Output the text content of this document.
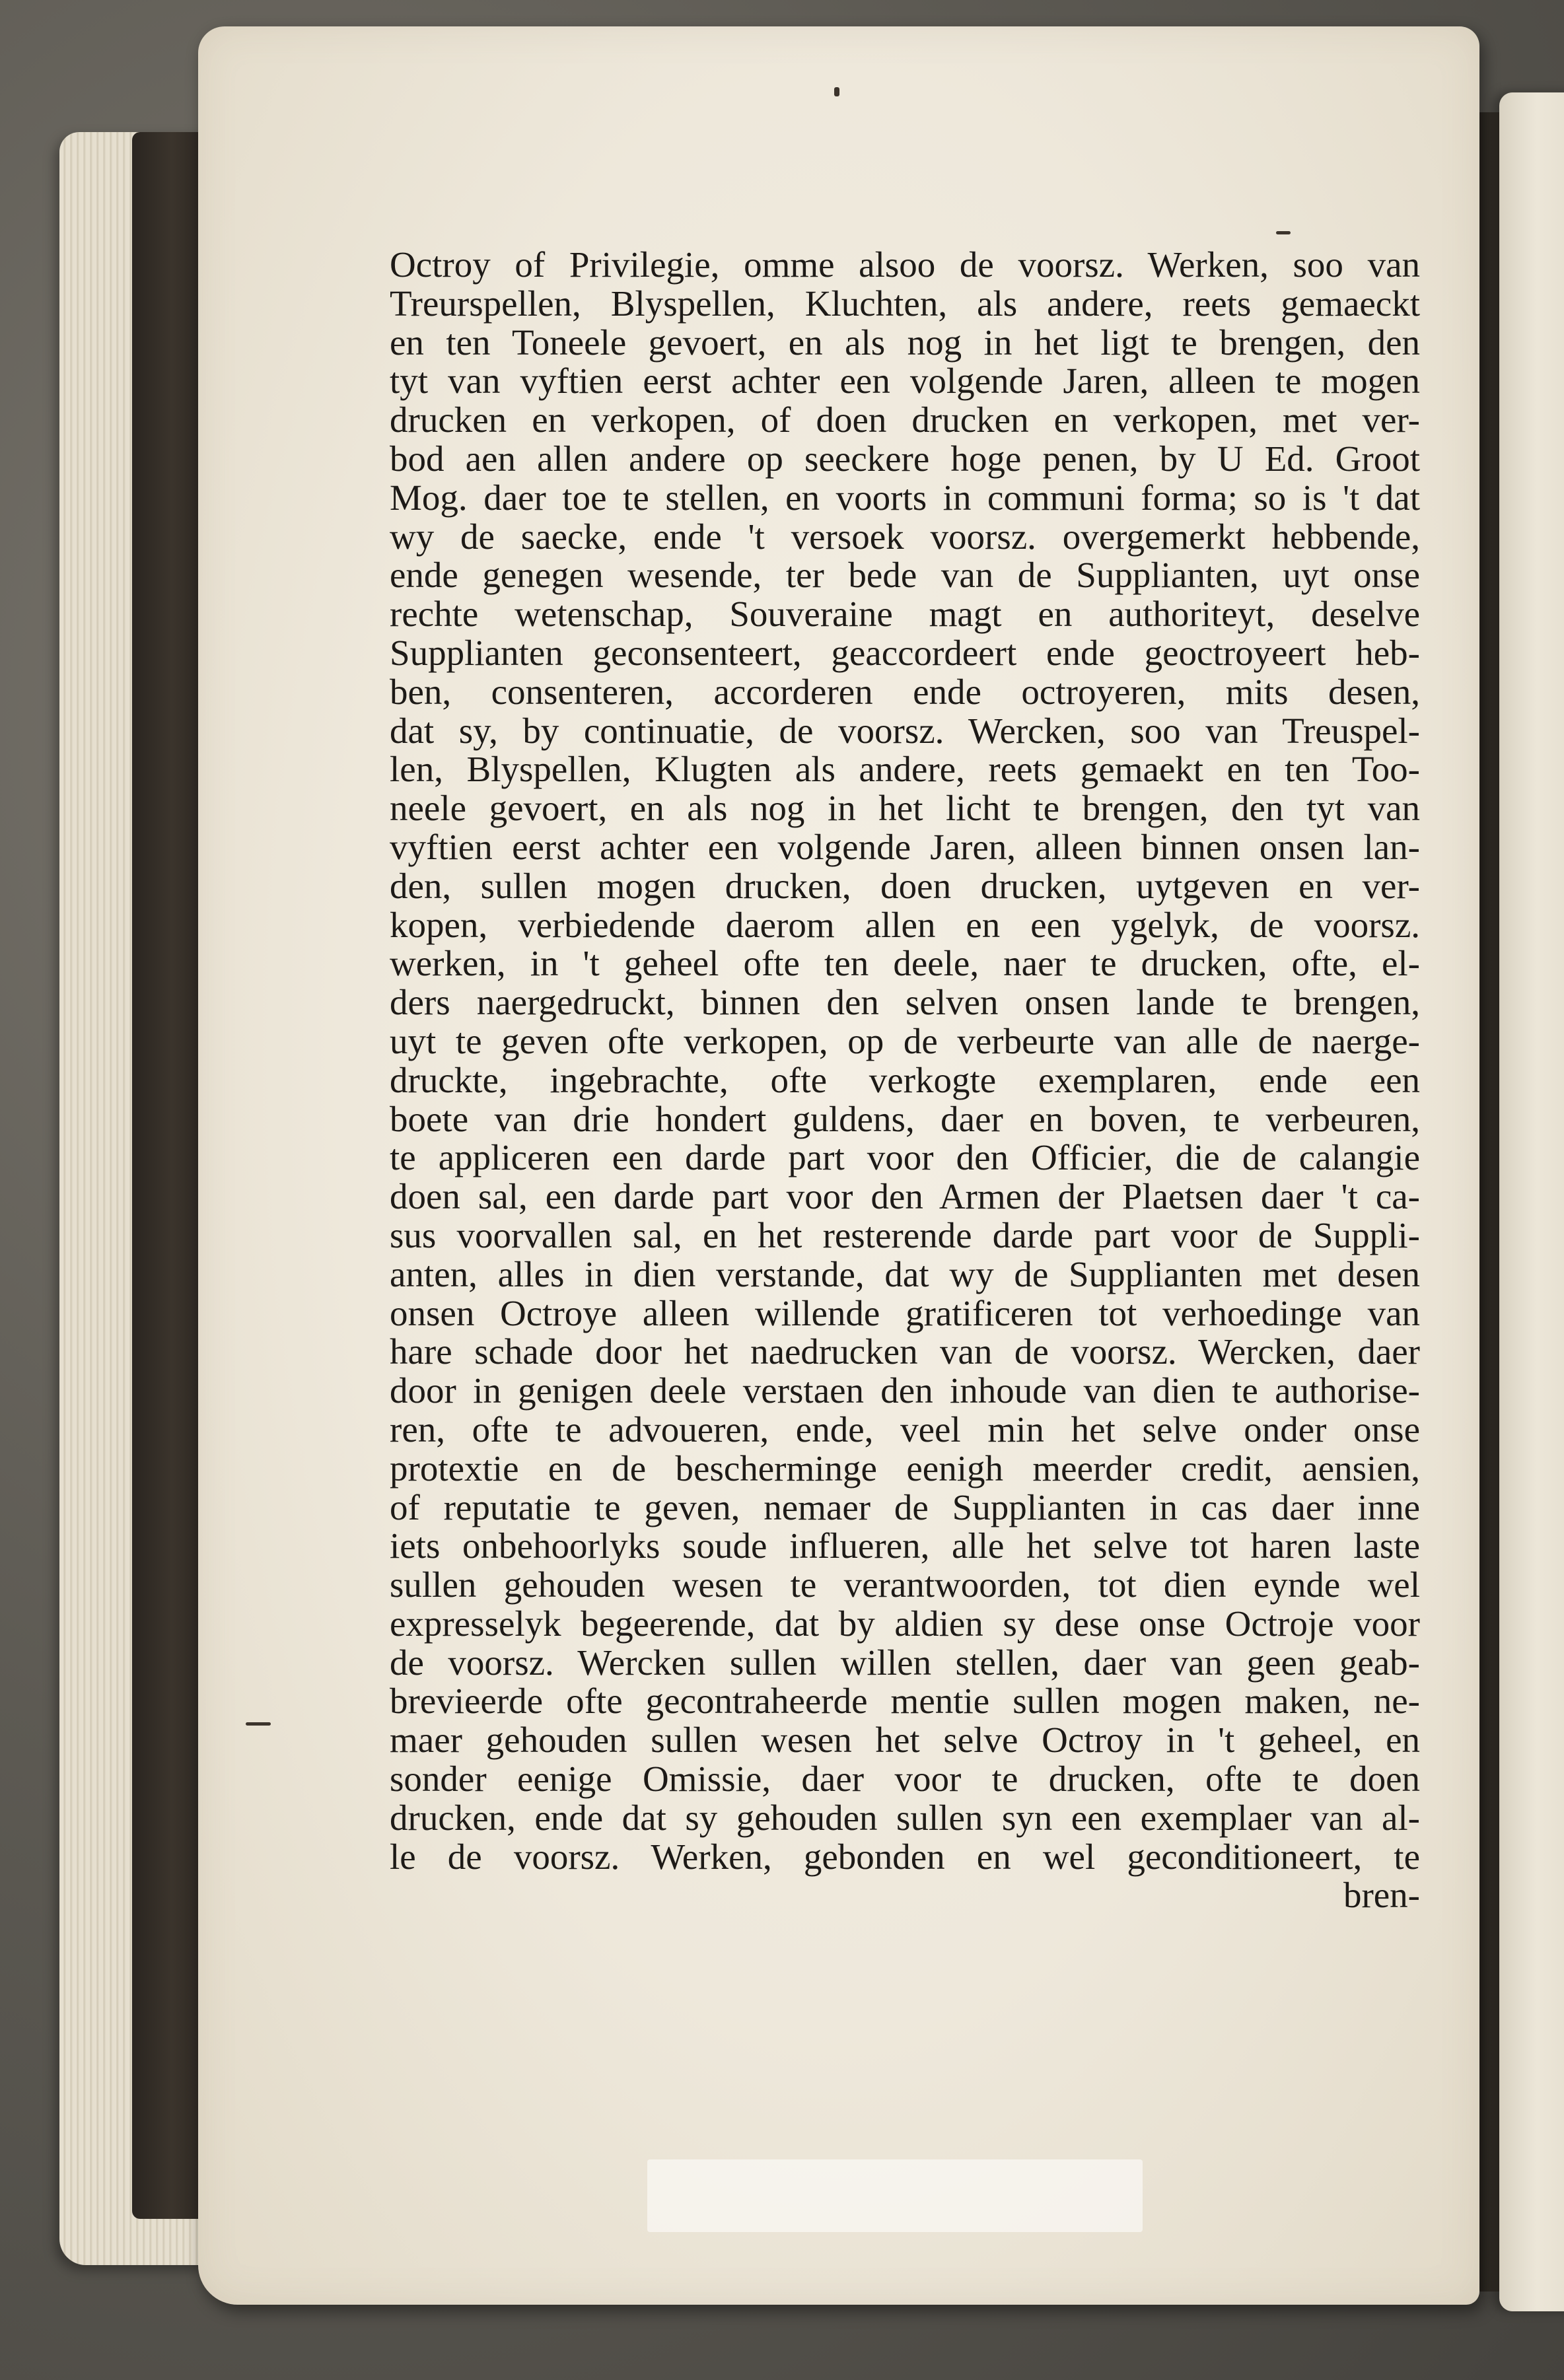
Octroy of Privilegie, omme alsoo de voorsz. Werken, soo van
Treurspellen, Blyspellen, Kluchten, als andere, reets gemaeckt
en ten Toneele gevoert, en als nog in het ligt te brengen, den
tyt van vyftien eerst achter een volgende Jaren, alleen te mogen
drucken en verkopen, of doen drucken en verkopen, met ver-
bod aen allen andere op seeckere hoge penen, by U Ed. Groot
Mog. daer toe te stellen, en voorts in communi forma; so is 't dat
wy de saecke, ende 't versoek voorsz. overgemerkt hebbende,
ende genegen wesende, ter bede van de Supplianten, uyt onse
rechte wetenschap, Souveraine magt en authoriteyt, deselve
Supplianten geconsenteert, geaccordeert ende geoctroyeert heb-
ben, consenteren, accorderen ende octroyeren, mits desen,
dat sy, by continuatie, de voorsz. Wercken, soo van Treuspel-
len, Blyspellen, Klugten als andere, reets gemaekt en ten Too-
neele gevoert, en als nog in het licht te brengen, den tyt van
vyftien eerst achter een volgende Jaren, alleen binnen onsen lan-
den, sullen mogen drucken, doen drucken, uytgeven en ver-
kopen, verbiedende daerom allen en een ygelyk, de voorsz.
werken, in 't geheel ofte ten deele, naer te drucken, ofte, el-
ders naergedruckt, binnen den selven onsen lande te brengen,
uyt te geven ofte verkopen, op de verbeurte van alle de naerge-
druckte, ingebrachte, ofte verkogte exemplaren, ende een
boete van drie hondert guldens, daer en boven, te verbeuren,
te appliceren een darde part voor den Officier, die de calangie
doen sal, een darde part voor den Armen der Plaetsen daer 't ca-
sus voorvallen sal, en het resterende darde part voor de Suppli-
anten, alles in dien verstande, dat wy de Supplianten met desen
onsen Octroye alleen willende gratificeren tot verhoedinge van
hare schade door het naedrucken van de voorsz. Wercken, daer
door in genigen deele verstaen den inhoude van dien te authorise-
ren, ofte te advoueren, ende, veel min het selve onder onse
protextie en de bescherminge eenigh meerder credit, aensien,
of reputatie te geven, nemaer de Supplianten in cas daer inne
iets onbehoorlyks soude influeren, alle het selve tot haren laste
sullen gehouden wesen te verantwoorden, tot dien eynde wel
expresselyk begeerende, dat by aldien sy dese onse Octroje voor
de voorsz. Wercken sullen willen stellen, daer van geen geab-
brevieerde ofte gecontraheerde mentie sullen mogen maken, ne-
maer gehouden sullen wesen het selve Octroy in 't geheel, en
sonder eenige Omissie, daer voor te drucken, ofte te doen
drucken, ende dat sy gehouden sullen syn een exemplaer van al-
le de voorsz. Werken, gebonden en wel geconditioneert, te
bren-
